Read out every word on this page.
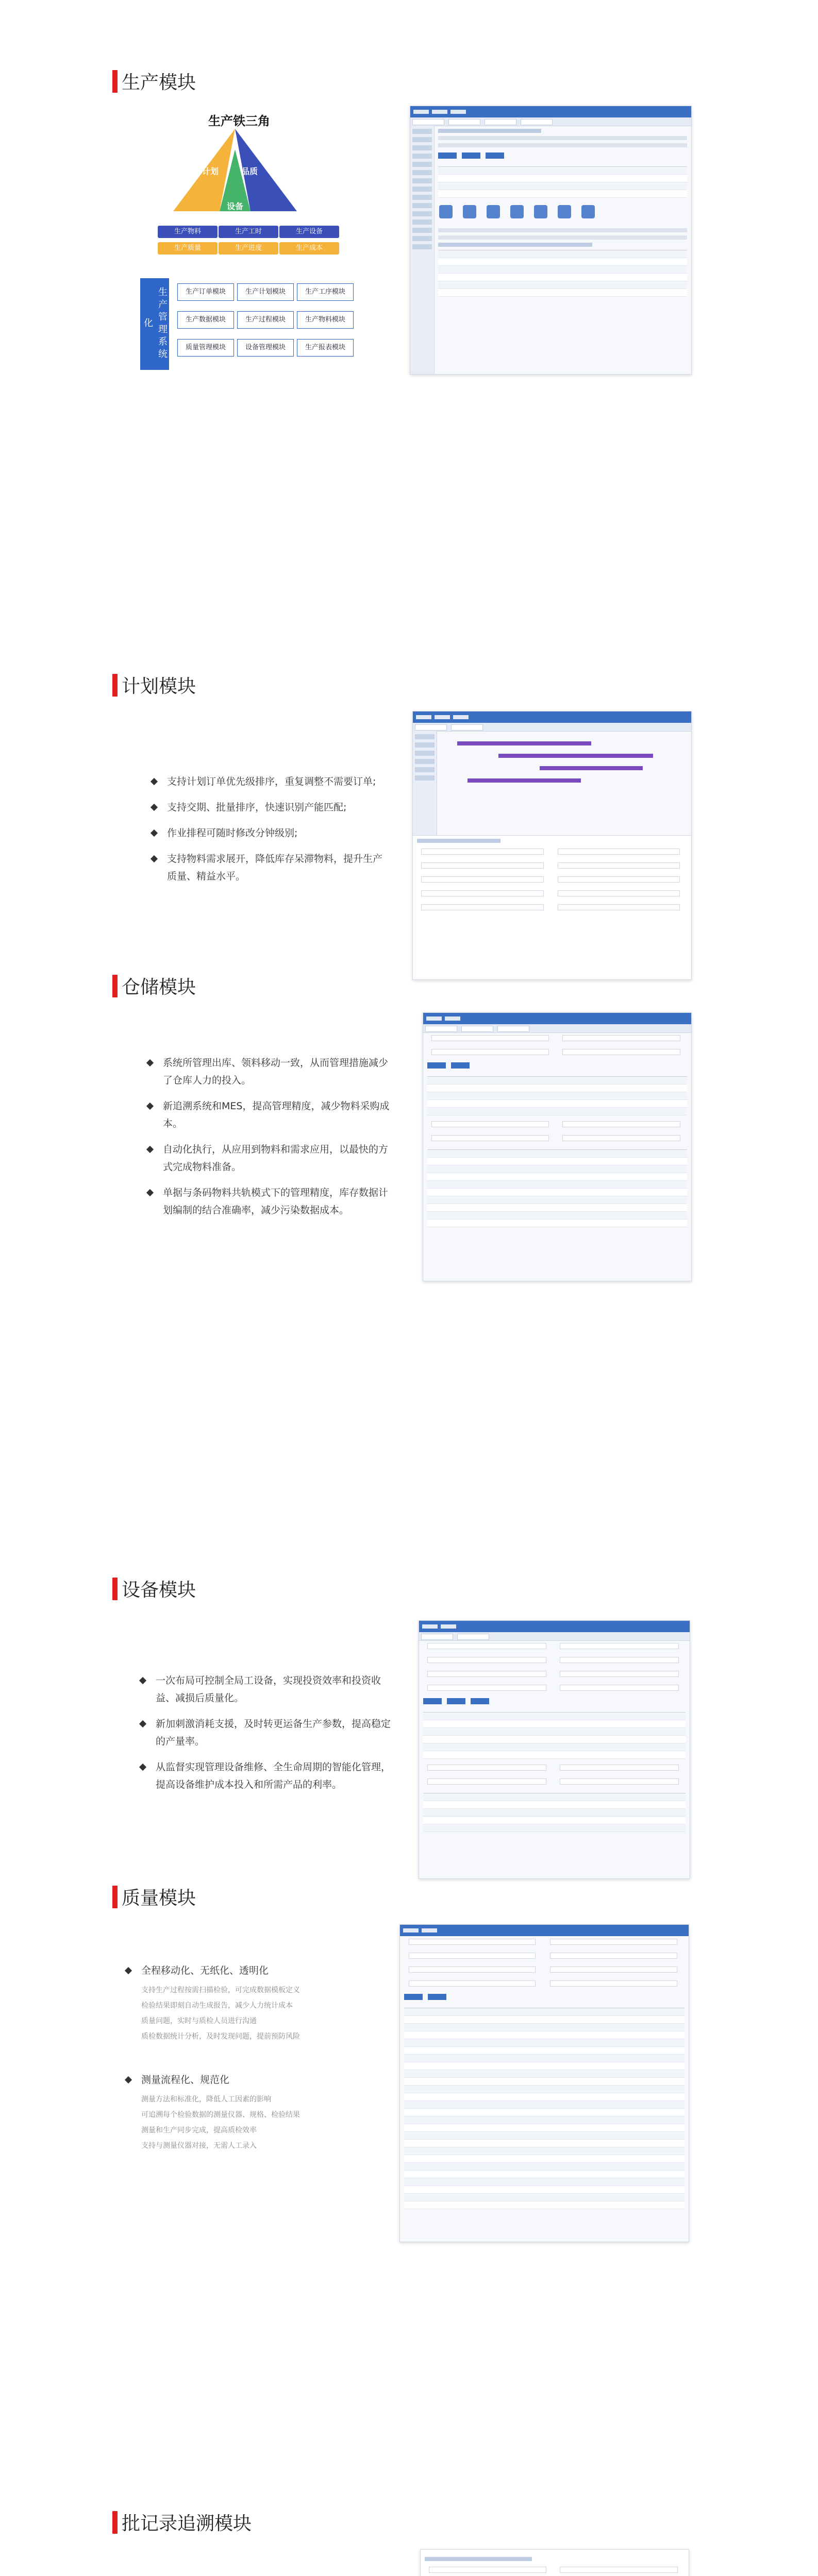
生产模块
生产铁三角
计划	品质
设备
生产物料	生产工时	生产设备
生产质量	生产进度	生产成本
生产管理系统化
生产订单模块	生产计划模块	生产工序模块
生产数据模块	生产过程模块	生产物料模块
质量管理模块	设备管理模块	生产报表模块
计划模块
支持计划订单优先级排序，重复调整不需要订单;
支持交期、批量排序，快速识别产能匹配;
作业排程可随时修改分钟级别;
支持物料需求展开，降低库存呆滞物料，提升生产质量、精益水平。

仓储模块
系统所管理出库、领料移动一致，从而管理措施减少了仓库人力的投入。
新追溯系统和MES，提高管理精度，减少物料采购成本。
自动化执行，从应用到物料和需求应用，以最快的方式完成物料准备。
单据与条码物料共轨模式下的管理精度，库存数据计划编制的结合准确率，减少污染数据成本。
设备模块
一次布局可控制全局工设备，实现投资效率和投资收益、减损后质量化。
新加刺激消耗支援，及时转更运备生产参数，提高稳定的产量率。
从监督实现管理设备维修、全生命周期的智能化管理，提高设备维护成本投入和所需产品的利率。

质量模块
全程移动化、无纸化、透明化
支持生产过程按需扫描检验，可完成数据模板定义
检验结果即刻自动生成报告，减少人力统计成本
质量问题，实时与质检人员进行沟通
质检数据统计分析，及时发现问题，提前预防风险
测量流程化、规范化
测量方法和标准化，降低人工因素的影响
可追溯每个检验数据的测量仪器、规格、检验结果
测量和生产同步完成，提高质检效率
支持与测量仪器对接，无需人工录入

批记录追溯模块
